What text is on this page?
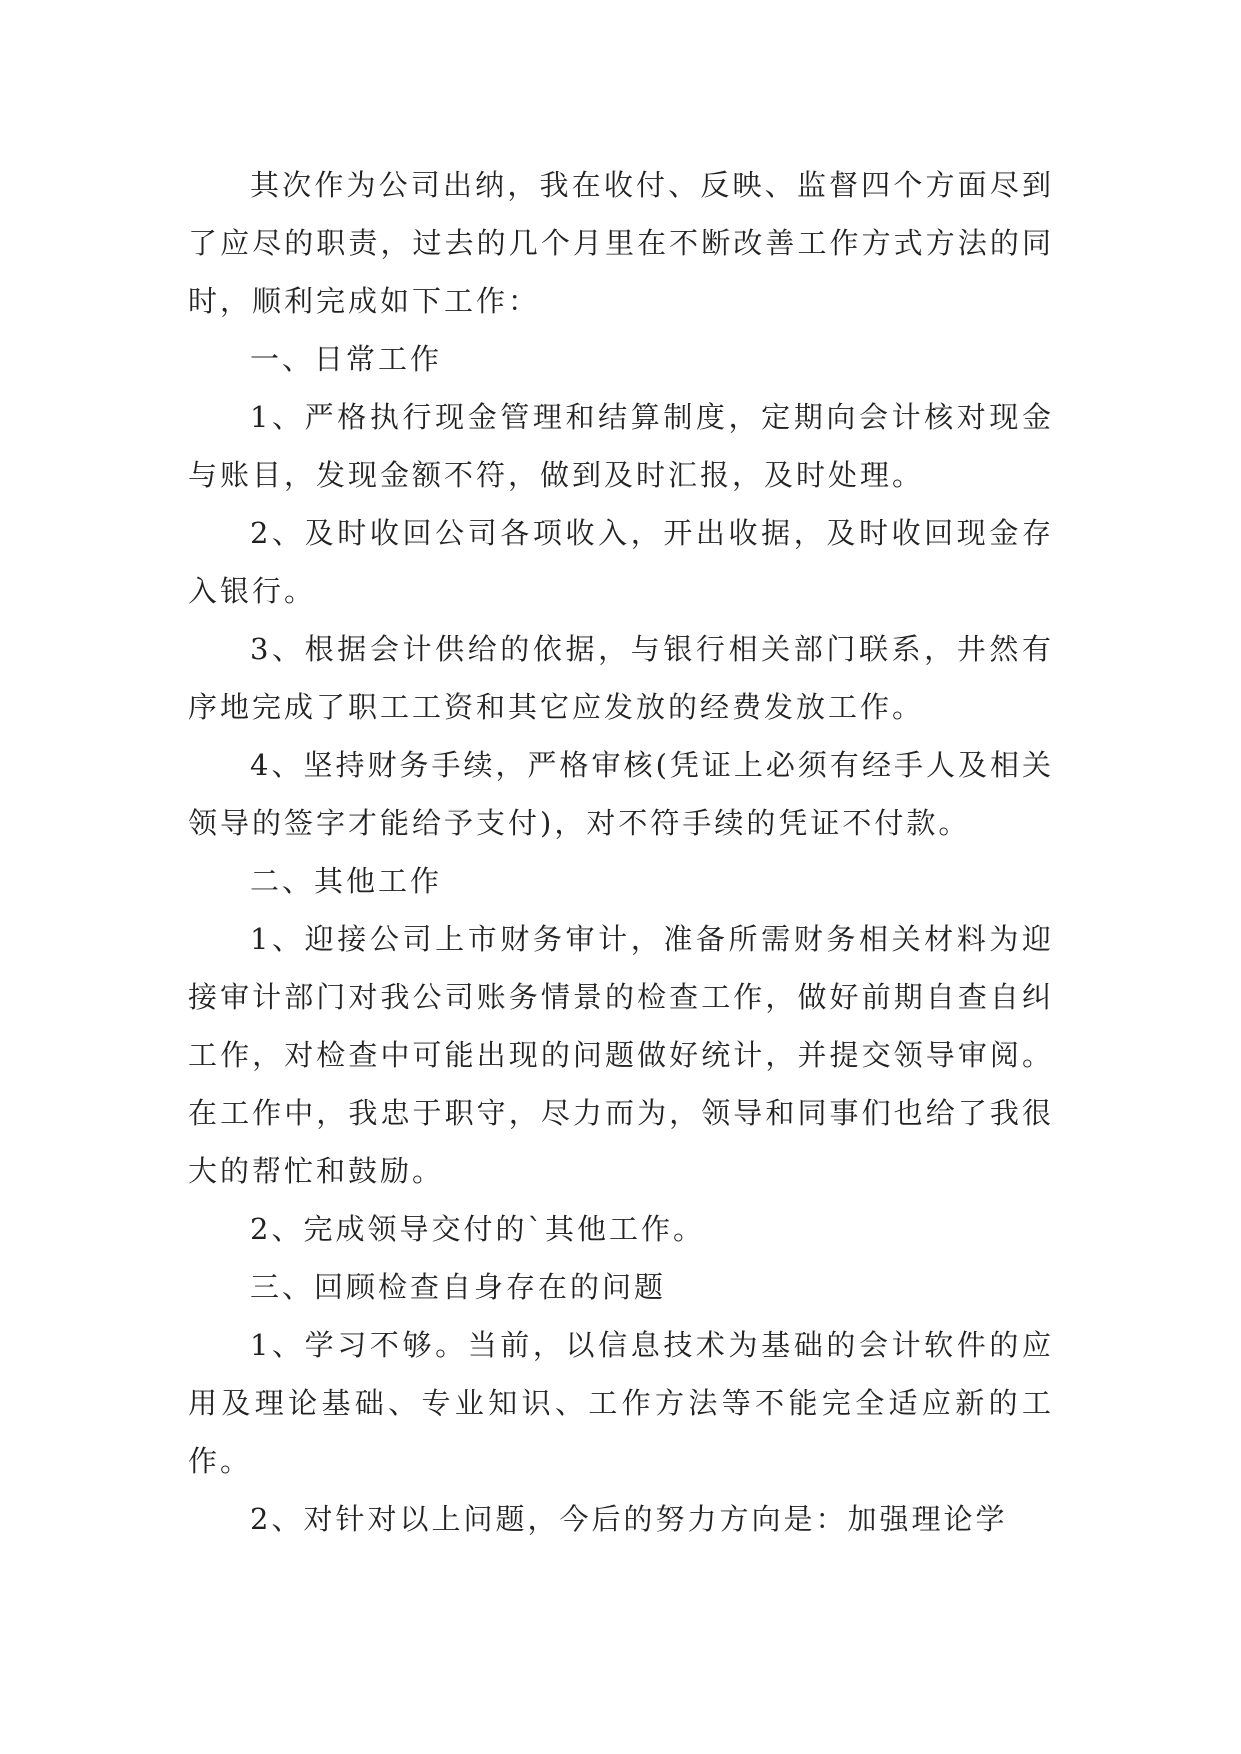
其次作为公司出纳，我在收付、反映、监督四个方面尽到了应尽的职责，过去的几个月里在不断改善工作方式方法的同时，顺利完成如下工作：

一、日常工作

1、严格执行现金管理和结算制度，定期向会计核对现金与账目，发现金额不符，做到及时汇报，及时处理。

2、及时收回公司各项收入，开出收据，及时收回现金存入银行。

3、根据会计供给的依据，与银行相关部门联系，井然有序地完成了职工工资和其它应发放的经费发放工作。

4、坚持财务手续，严格审核(凭证上必须有经手人及相关领导的签字才能给予支付)，对不符手续的凭证不付款。

二、其他工作

1、迎接公司上市财务审计，准备所需财务相关材料为迎接审计部门对我公司账务情景的检查工作，做好前期自查自纠工作，对检查中可能出现的问题做好统计，并提交领导审阅。在工作中，我忠于职守，尽力而为，领导和同事们也给了我很大的帮忙和鼓励。

2、完成领导交付的`其他工作。

三、回顾检查自身存在的问题

1、学习不够。当前，以信息技术为基础的会计软件的应用及理论基础、专业知识、工作方法等不能完全适应新的工作。

2、对针对以上问题，今后的努力方向是：加强理论学
